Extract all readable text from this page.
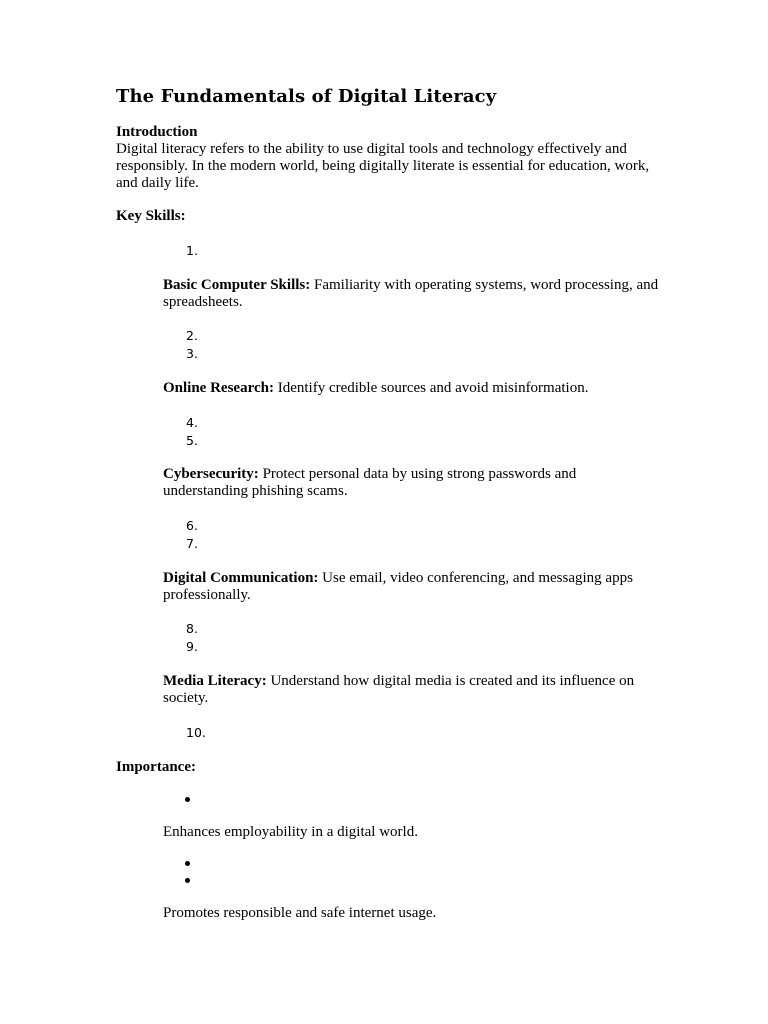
The Fundamentals of Digital Literacy
Introduction
Digital literacy refers to the ability to use digital tools and technology effectively and responsibly. In the modern world, being digitally literate is essential for education, work, and daily life.
Key Skills:
1.
Basic Computer Skills: Familiarity with operating systems, word processing, and spreadsheets.
2.
3.
Online Research: Identify credible sources and avoid misinformation.
4.
5.
Cybersecurity: Protect personal data by using strong passwords and understanding phishing scams.
6.
7.
Digital Communication: Use email, video conferencing, and messaging apps professionally.
8.
9.
Media Literacy: Understand how digital media is created and its influence on society.
10.
Importance:
Enhances employability in a digital world.
Promotes responsible and safe internet usage.
